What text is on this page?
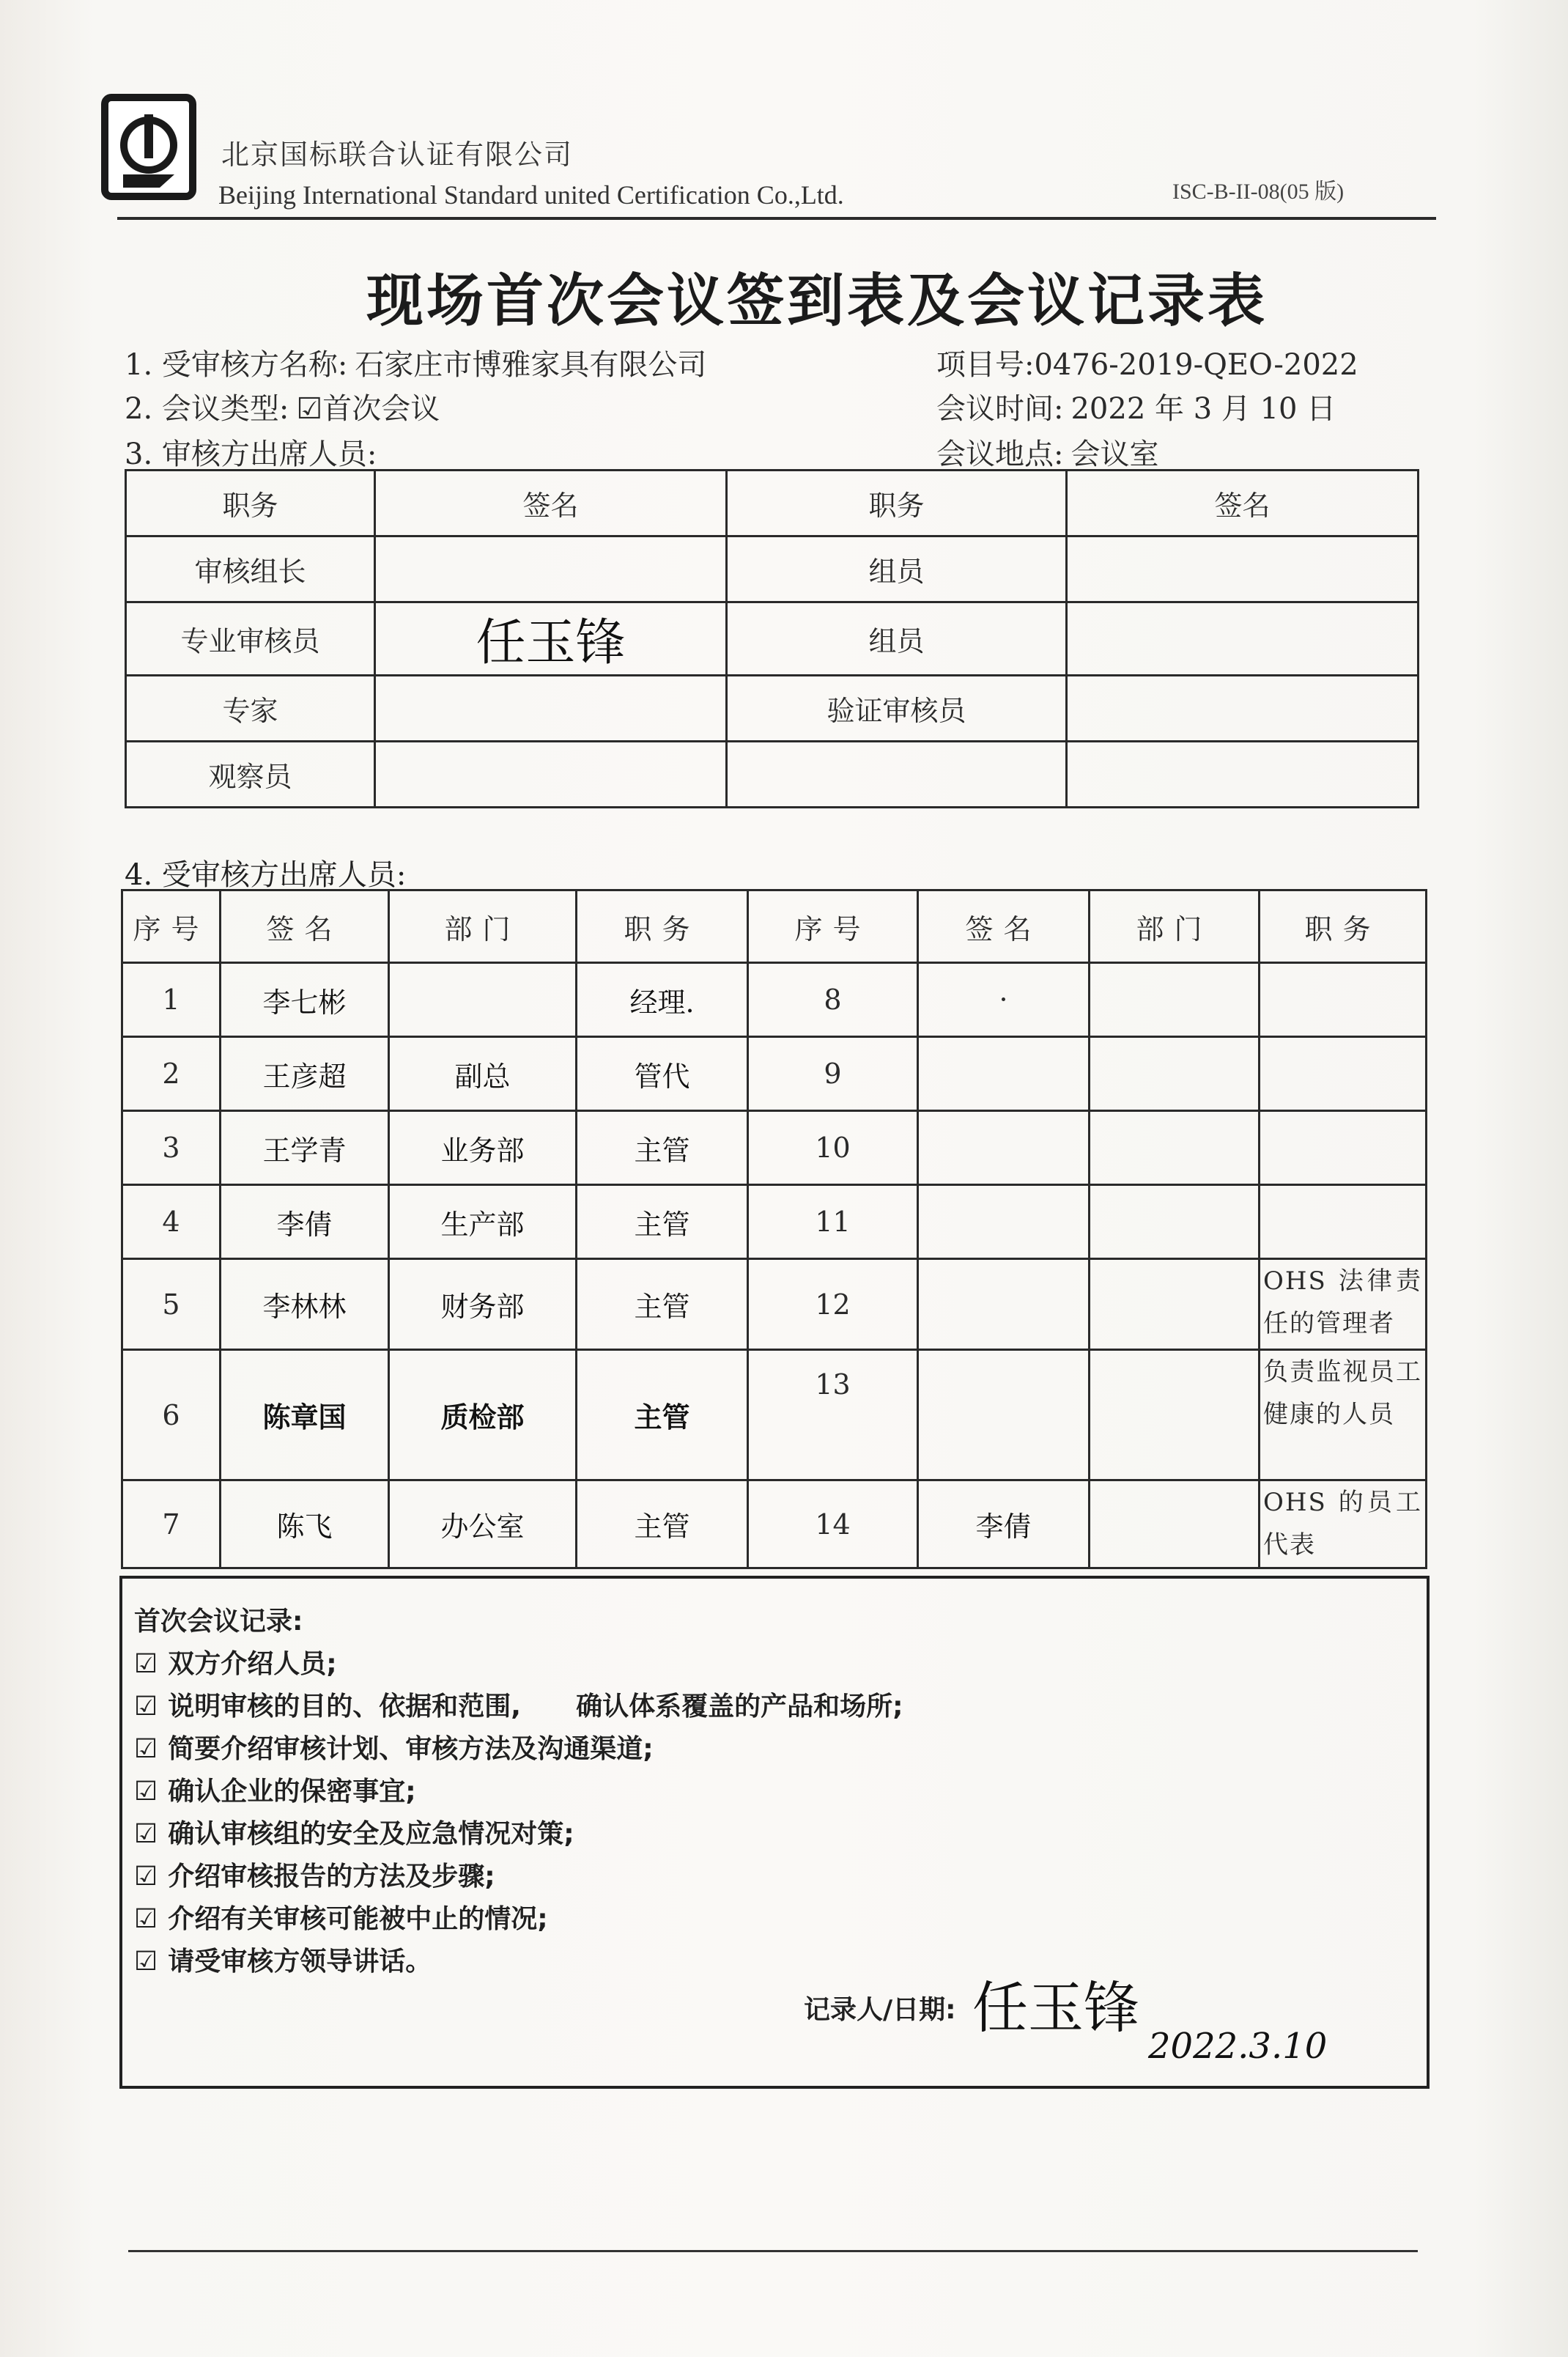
北京国标联合认证有限公司
Beijing International Standard united Certification Co.,Ltd.	ISC-B-II-08(05 版)
现场首次会议签到表及会议记录表
1. 受审核方名称: 石家庄市博雅家具有限公司	项目号:0476-2019-QEO-2022
2. 会议类型: ☑首次会议	会议时间: 2022 年 3 月 10 日
3. 审核方出席人员:	会议地点: 会议室
职务	签名	职务	签名
审核组长		组员	
专业审核员	任玉锋	组员	
专家		验证审核员	
观察员			
4. 受审核方出席人员:
序号	签名	部门	职务	序号	签名	部门	职务
1	李七彬		经理.	8	·		
2	王彦超	副总	管代	9			
3	王学青	业务部	主管	10			
4	李倩	生产部	主管	11			
5	李林林	财务部	主管	12			OHS 法律责任的管理者
6	陈章国	质检部	主管	13			负责监视员工健康的人员
7	陈飞	办公室	主管	14	李倩		OHS 的员工代表
首次会议记录:
☑ 双方介绍人员;
☑ 说明审核的目的、依据和范围,      确认体系覆盖的产品和场所;
☑ 简要介绍审核计划、审核方法及沟通渠道;
☑ 确认企业的保密事宜;
☑ 确认审核组的安全及应急情况对策;
☑ 介绍审核报告的方法及步骤;
☑ 介绍有关审核可能被中止的情况;
☑ 请受审核方领导讲话。
记录人/日期: 任玉锋
2022.3.10
